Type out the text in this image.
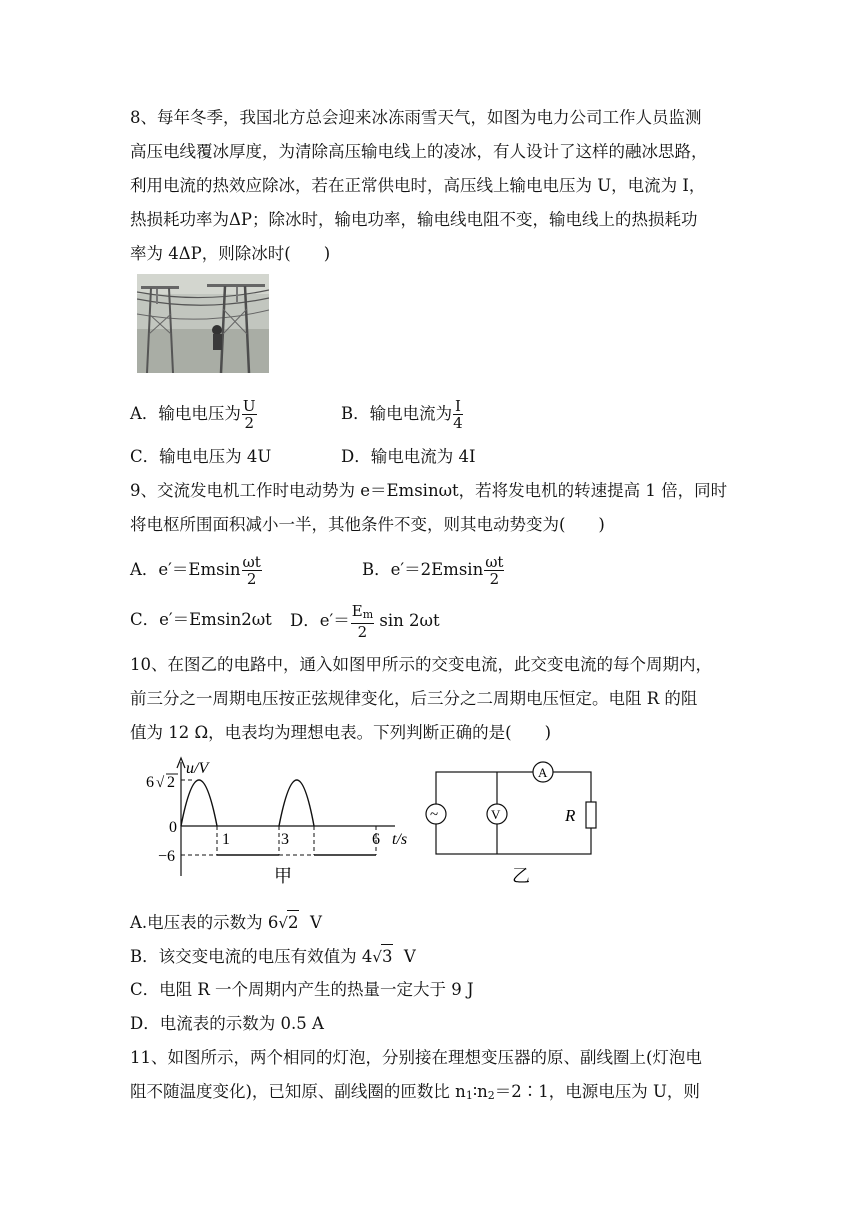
8、每年冬季，我国北方总会迎来冰冻雨雪天气，如图为电力公司工作人员监测
高压电线覆冰厚度，为清除高压输电线上的凌冰，有人设计了这样的融冰思路，
利用电流的热效应除冰，若在正常供电时，高压线上输电电压为 U，电流为 I，
热损耗功率为ΔP；除冰时，输电功率，输电线电阻不变，输电线上的热损耗功
率为 4ΔP，则除冰时(　　)
A．输电电压为 $\frac{U}{2}$	B．输电电流为 $\frac{I}{4}$
C．输电电压为 4U	D．输电电流为 4I
9、交流发电机工作时电动势为 e＝Emsinωt，若将发电机的转速提高 1 倍，同时
将电枢所围面积减小一半，其他条件不变，则其电动势变为(　　)
A．$e'=Emsin \frac{\omega t}{2}$	B．$e'=2Emsin \frac{\omega t}{2}$
C．e′＝Emsin2ωt D．$e'= \frac{E_m}{2}$ sin 2ωt
10、在图乙的电路中，通入如图甲所示的交变电流，此交变电流的每个周期内，
前三分之一周期电压按正弦规律变化，后三分之二周期电压恒定。电阻 R 的阻
值为 12 Ω，电表均为理想电表。下列判断正确的是(　　)
u/V
t/s
6 √ 2
0
−6
1	3	6
甲
~	V
A
R
乙
A.电压表的示数为 6√2  V
B．该交变电流的电压有效值为 4√3  V
C．电阻 R 一个周期内产生的热量一定大于 9 J
D．电流表的示数为 0.5 A
11、如图所示，两个相同的灯泡，分别接在理想变压器的原、副线圈上(灯泡电
阻不随温度变化)，已知原、副线圈的匝数比 $n_1∶n_2=2∶1$，电源电压为 U，则
